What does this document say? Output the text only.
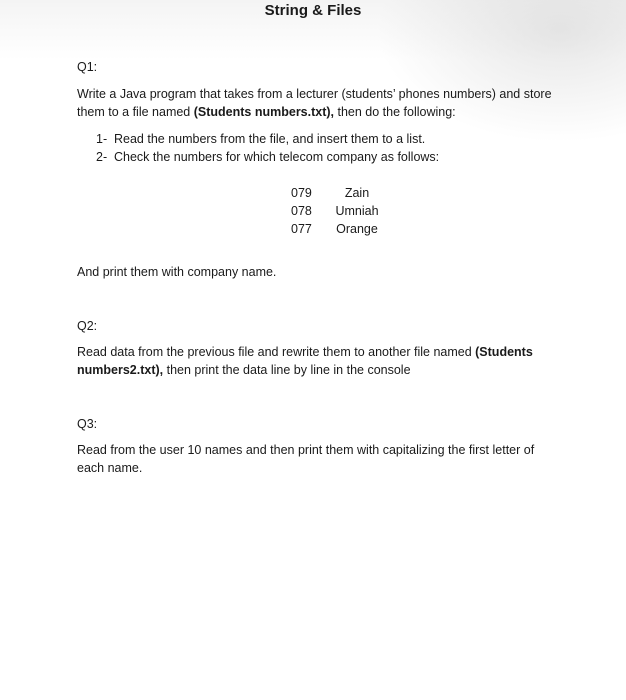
String & Files
Q1:
Write a Java program that takes from a lecturer (students’ phones numbers) and store them to a file named (Students numbers.txt), then do the following:
1- Read the numbers from the file, and insert them to a list.
2- Check the numbers for which telecom company as follows:
079	Zain
078	Umniah
077	Orange
And print them with company name.
Q2:
Read data from the previous file and rewrite them to another file named (Students numbers2.txt), then print the data line by line in the console
Q3:
Read from the user 10 names and then print them with capitalizing the first letter of each name.
